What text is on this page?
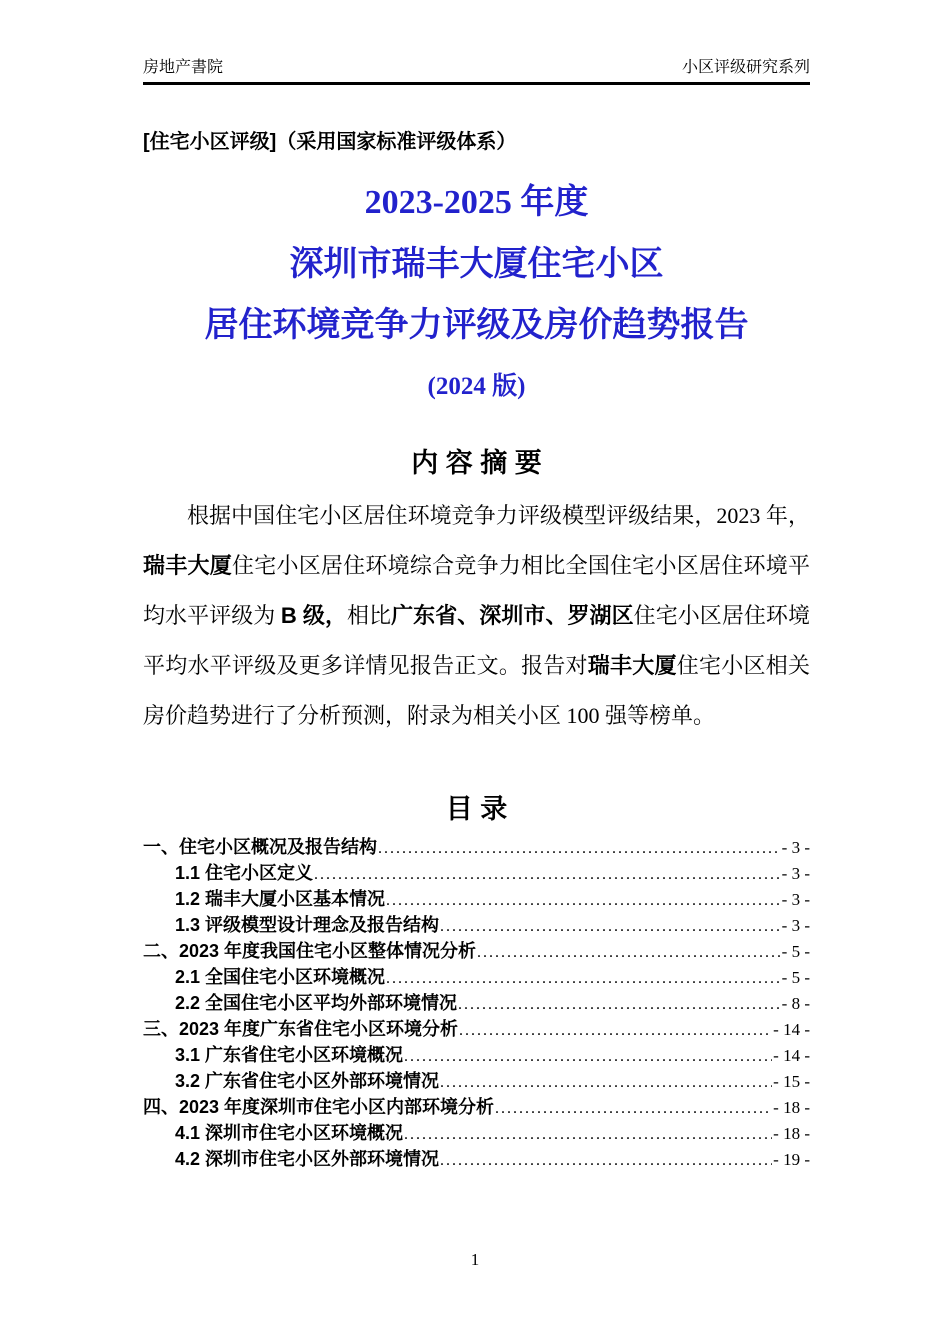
房地产書院	小区评级研究系列
[住宅小区评级]（采用国家标准评级体系）
2023-2025 年度
深圳市瑞丰大厦住宅小区
居住环境竞争力评级及房价趋势报告
(2024 版)
内 容 摘 要

根据中国住宅小区居住环境竞争力评级模型评级结果，2023 年，瑞丰大厦住宅小区居住环境综合竞争力相比全国住宅小区居住环境平均水平评级为 B 级，相比广东省、深圳市、罗湖区住宅小区居住环境平均水平评级及更多详情见报告正文。报告对瑞丰大厦住宅小区相关房价趋势进行了分析预测，附录为相关小区 100 强等榜单。

目 录
一、住宅小区概况及报告结构 .....	- 3 -
1.1 住宅小区定义 .....	- 3 -
1.2 瑞丰大厦小区基本情况 .....	- 3 -
1.3 评级模型设计理念及报告结构 .....	- 3 -
二、2023 年度我国住宅小区整体情况分析 .....	- 5 -
2.1 全国住宅小区环境概况 .....	- 5 -
2.2 全国住宅小区平均外部环境情况 .....	- 8 -
三、2023 年度广东省住宅小区环境分析 .....	- 14 -
3.1 广东省住宅小区环境概况 .....	- 14 -
3.2 广东省住宅小区外部环境情况 .....	- 15 -
四、2023 年度深圳市住宅小区内部环境分析 .....	- 18 -
4.1 深圳市住宅小区环境概况 .....	- 18 -
4.2 深圳市住宅小区外部环境情况 .....	- 19 -
1
